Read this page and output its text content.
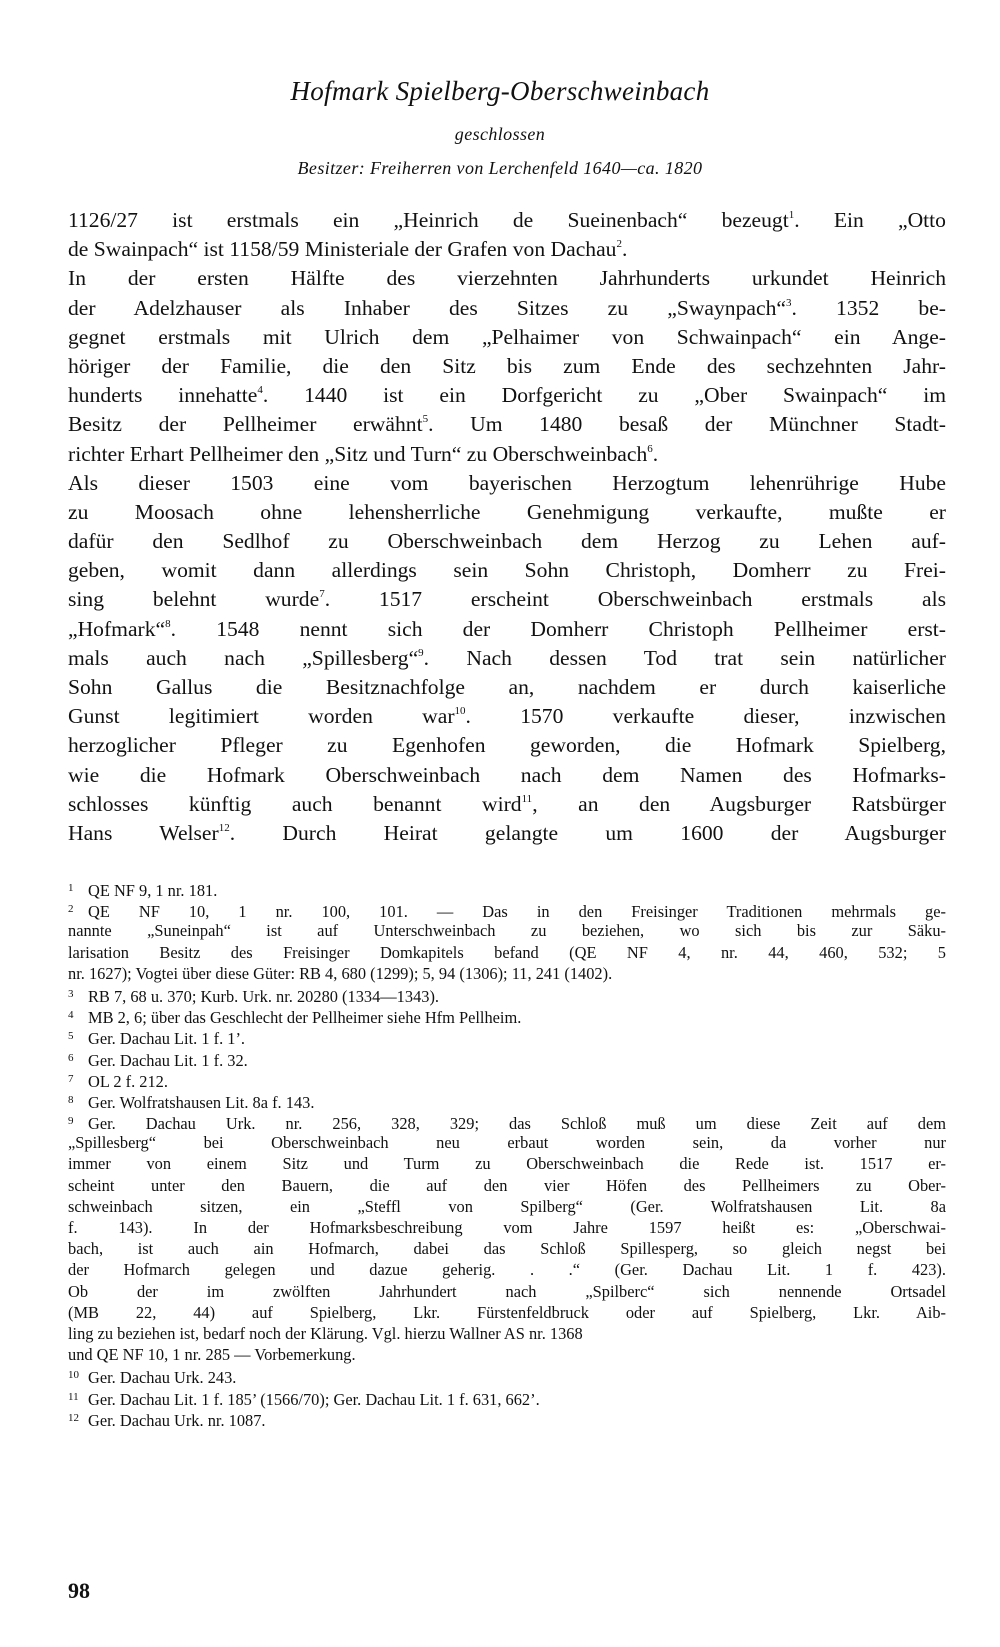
Hofmark Spielberg-Oberschweinbach
geschlossen
Besitzer: Freiherren von Lerchenfeld 1640—ca. 1820
1126/27 ist erstmals ein „Heinrich de Sueinenbach“ bezeugt$^1$. Ein „Otto
de Swainpach“ ist 1158/59 Ministeriale der Grafen von Dachau$^2$.
In der ersten Hälfte des vierzehnten Jahrhunderts urkundet Heinrich
der Adelzhauser als Inhaber des Sitzes zu „Swaynpach“$^3$. 1352 be-
gegnet erstmals mit Ulrich dem „Pelhaimer von Schwainpach“ ein Ange-
höriger der Familie, die den Sitz bis zum Ende des sechzehnten Jahr-
hunderts innehatte$^4$. 1440 ist ein Dorfgericht zu „Ober Swainpach“ im
Besitz der Pellheimer erwähnt$^5$. Um 1480 besaß der Münchner Stadt-
richter Erhart Pellheimer den „Sitz und Turn“ zu Oberschweinbach$^6$.
Als dieser 1503 eine vom bayerischen Herzogtum lehenrührige Hube
zu Moosach ohne lehensherrliche Genehmigung verkaufte, mußte er
dafür den Sedlhof zu Oberschweinbach dem Herzog zu Lehen auf-
geben, womit dann allerdings sein Sohn Christoph, Domherr zu Frei-
sing belehnt wurde$^7$. 1517 erscheint Oberschweinbach erstmals als
„Hofmark“$^8$. 1548 nennt sich der Domherr Christoph Pellheimer erst-
mals auch nach „Spillesberg“$^9$. Nach dessen Tod trat sein natürlicher
Sohn Gallus die Besitznachfolge an, nachdem er durch kaiserliche
Gunst legitimiert worden war$^{10}$. 1570 verkaufte dieser, inzwischen
herzoglicher Pfleger zu Egenhofen geworden, die Hofmark Spielberg,
wie die Hofmark Oberschweinbach nach dem Namen des Hofmarks-
schlosses künftig auch benannt wird$^{11}$, an den Augsburger Ratsbürger
Hans Welser$^{12}$. Durch Heirat gelangte um 1600 der Augsburger
1 QE NF 9, 1 nr. 181.
2 QE NF 10, 1 nr. 100, 101. — Das in den Freisinger Traditionen mehrmals ge-
nannte „Suneinpah“ ist auf Unterschweinbach zu beziehen, wo sich bis zur Säku-
larisation Besitz des Freisinger Domkapitels befand (QE NF 4, nr. 44, 460, 532; 5
nr. 1627); Vogtei über diese Güter: RB 4, 680 (1299); 5, 94 (1306); 11, 241 (1402).
3 RB 7, 68 u. 370; Kurb. Urk. nr. 20280 (1334—1343).
4 MB 2, 6; über das Geschlecht der Pellheimer siehe Hfm Pellheim.
5 Ger. Dachau Lit. 1 f. 1’.
6 Ger. Dachau Lit. 1 f. 32.
7 OL 2 f. 212.
8 Ger. Wolfratshausen Lit. 8a f. 143.
9 Ger. Dachau Urk. nr. 256, 328, 329; das Schloß muß um diese Zeit auf dem
„Spillesberg“ bei Oberschweinbach neu erbaut worden sein, da vorher nur
immer von einem Sitz und Turm zu Oberschweinbach die Rede ist. 1517 er-
scheint unter den Bauern, die auf den vier Höfen des Pellheimers zu Ober-
schweinbach sitzen, ein „Steffl von Spilberg“ (Ger. Wolfratshausen Lit. 8a
f. 143). In der Hofmarksbeschreibung vom Jahre 1597 heißt es: „Oberschwai-
bach, ist auch ain Hofmarch, dabei das Schloß Spillesperg, so gleich negst bei
der Hofmarch gelegen und dazue geherig. . .“ (Ger. Dachau Lit. 1 f. 423).
Ob der im zwölften Jahrhundert nach „Spilberc“ sich nennende Ortsadel
(MB 22, 44) auf Spielberg, Lkr. Fürstenfeldbruck oder auf Spielberg, Lkr. Aib-
ling zu beziehen ist, bedarf noch der Klärung. Vgl. hierzu Wallner AS nr. 1368
und QE NF 10, 1 nr. 285 — Vorbemerkung.
10 Ger. Dachau Urk. 243.
11 Ger. Dachau Lit. 1 f. 185’ (1566/70); Ger. Dachau Lit. 1 f. 631, 662’.
12 Ger. Dachau Urk. nr. 1087.
98
